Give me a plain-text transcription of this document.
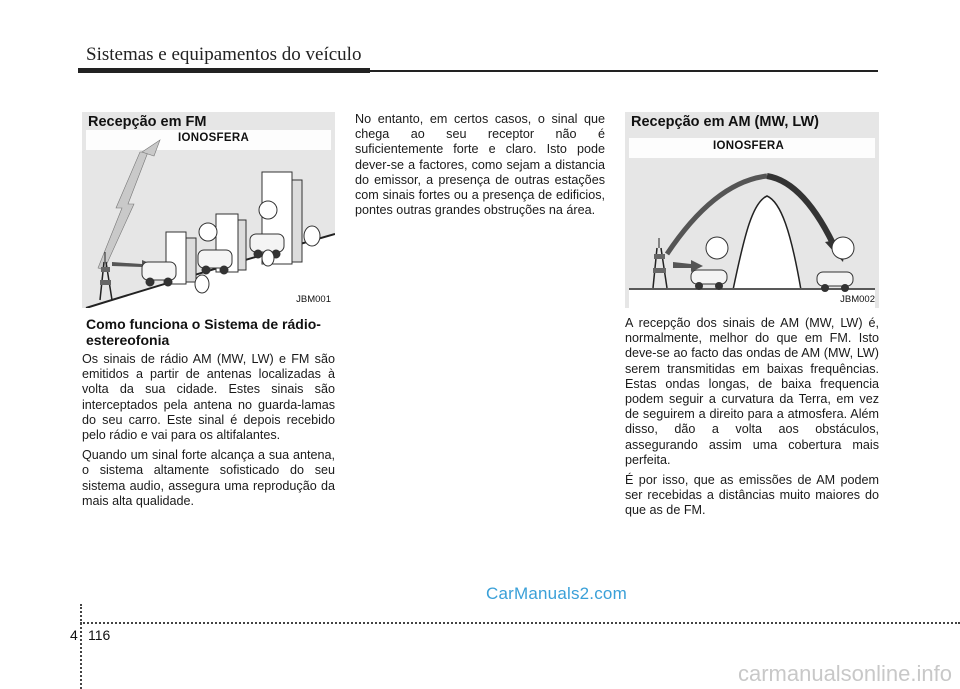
Sistemas e equipamentos do veículo
Recepção em FM
IONOSFERA
JBM001
Recepção em AM (MW, LW)
IONOSFERA
JBM002
Como funciona o Sistema de rádio-estereofonia

Os sinais de rádio AM (MW, LW) e FM são emitidos a partir de antenas localizadas à volta da sua cidade. Estes sinais são interceptados pela antena no guarda-lamas do seu carro. Este sinal é depois recebido pelo rádio e vai para os altifalantes.

Quando um sinal forte alcança a sua antena, o sistema altamente sofisticado do seu sistema audio, assegura uma reprodução da mais alta qualidade.

No entanto, em certos casos, o sinal que chega ao seu receptor não é suficientemente forte e claro. Isto pode dever-se a factores, como sejam a distancia do emissor, a presença de outras estações com sinais fortes ou a presença de edificios, pontes outras grandes obstruções na área.

A recepção dos sinais de AM (MW, LW) é, normalmente, melhor do que em FM. Isto deve-se ao facto das ondas de AM (MW, LW) serem transmitidas em baixas frequências. Estas ondas longas, de baixa frequencia podem seguir a curvatura da Terra, em vez de seguirem a direito para a atmosfera. Além disso, dão a volta aos obstáculos, assegurando assim uma cobertura mais perfeita.

É por isso, que as emissões de AM podem ser recebidas a distâncias muito maiores do que as de FM.

CarManuals2.com
4 116
carmanualsonline.info
